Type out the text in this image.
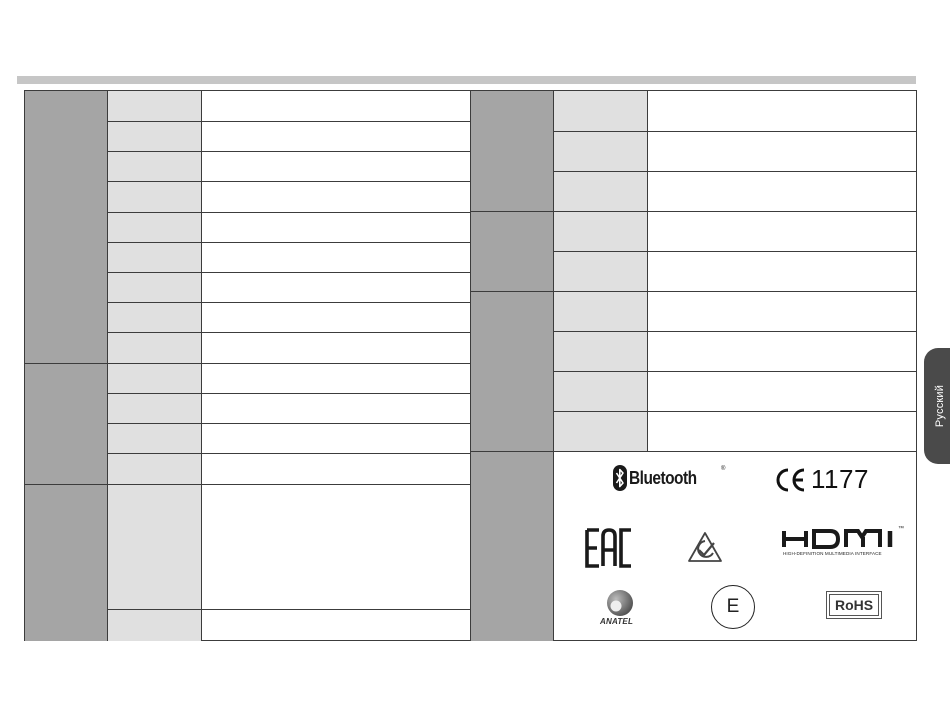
Bluetooth	®	1177
™
HIGH-DEFINITION MULTIMEDIA INTERFACE
ANATEL
E	RoHS
Русский
